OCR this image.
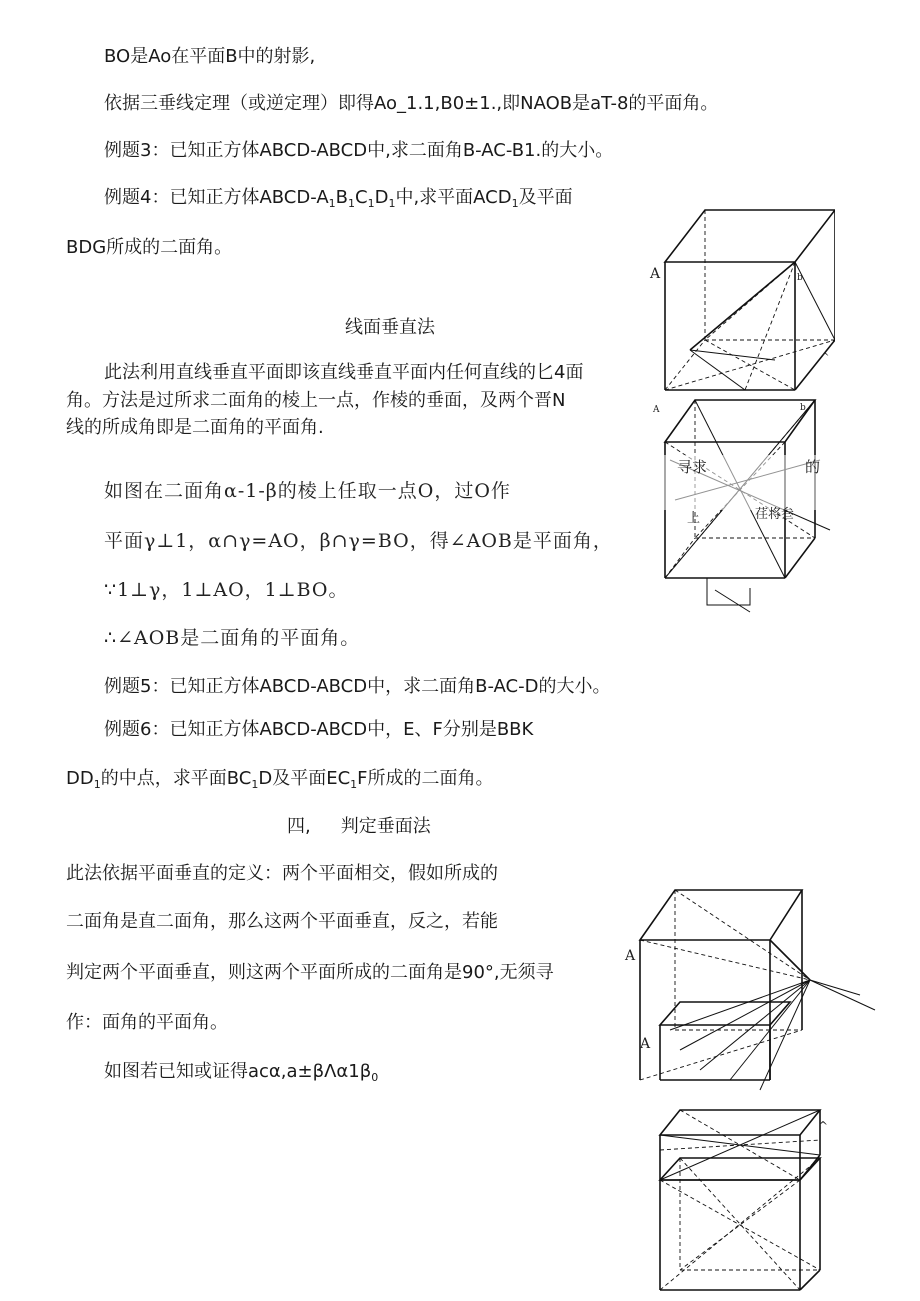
BO是Ao在平面B中的射影,
依据三垂线定理（或逆定理）即得Ao_1.1,B0±1.,即NAOB是aT-8的平面角。
例题3：已知正方体ABCD-ABCD中,求二面角B-AC-B1.的大小。
例题4：已知正方体ABCD-$A_1B_1C_1D_1$中,求平面$ACD_1$及平面
BDG所成的二面角。
线面垂直法
此法利用直线垂直平面即该直线垂直平面内任何直线的匕4面
角。方法是过所求二面角的棱上一点，作棱的垂面，及两个晋N
线的所成角即是二面角的平面角.
如图在二面角α-1-β的棱上任取一点O，过O作
平面γ⊥1，α∩γ=AO，β∩γ=BO，得∠AOB是平面角，
∵1⊥γ，1⊥AO，1⊥BO。
∴∠AOB是二面角的平面角。
例题5：已知正方体ABCD-ABCD中，求二面角B-AC-D的大小。
例题6：已知正方体ABCD-ABCD中，E、F分别是BBK
$DD_1$的中点，求平面$BC_1D$及平面$EC_1F$所成的二面角。
四, 判定垂面法
此法依据平面垂直的定义：两个平面相交，假如所成的
二面角是直二面角，那么这两个平面垂直，反之，若能
判定两个平面垂直，则这两个平面所成的二面角是90°,无须寻
作：面角的平面角。
如图若已知或证得$ac\alpha,a\pm\beta\Lambda\alpha 1\beta_0$
A	b
^
A	b
寻求	的
上	荏将叁
A
A
^
